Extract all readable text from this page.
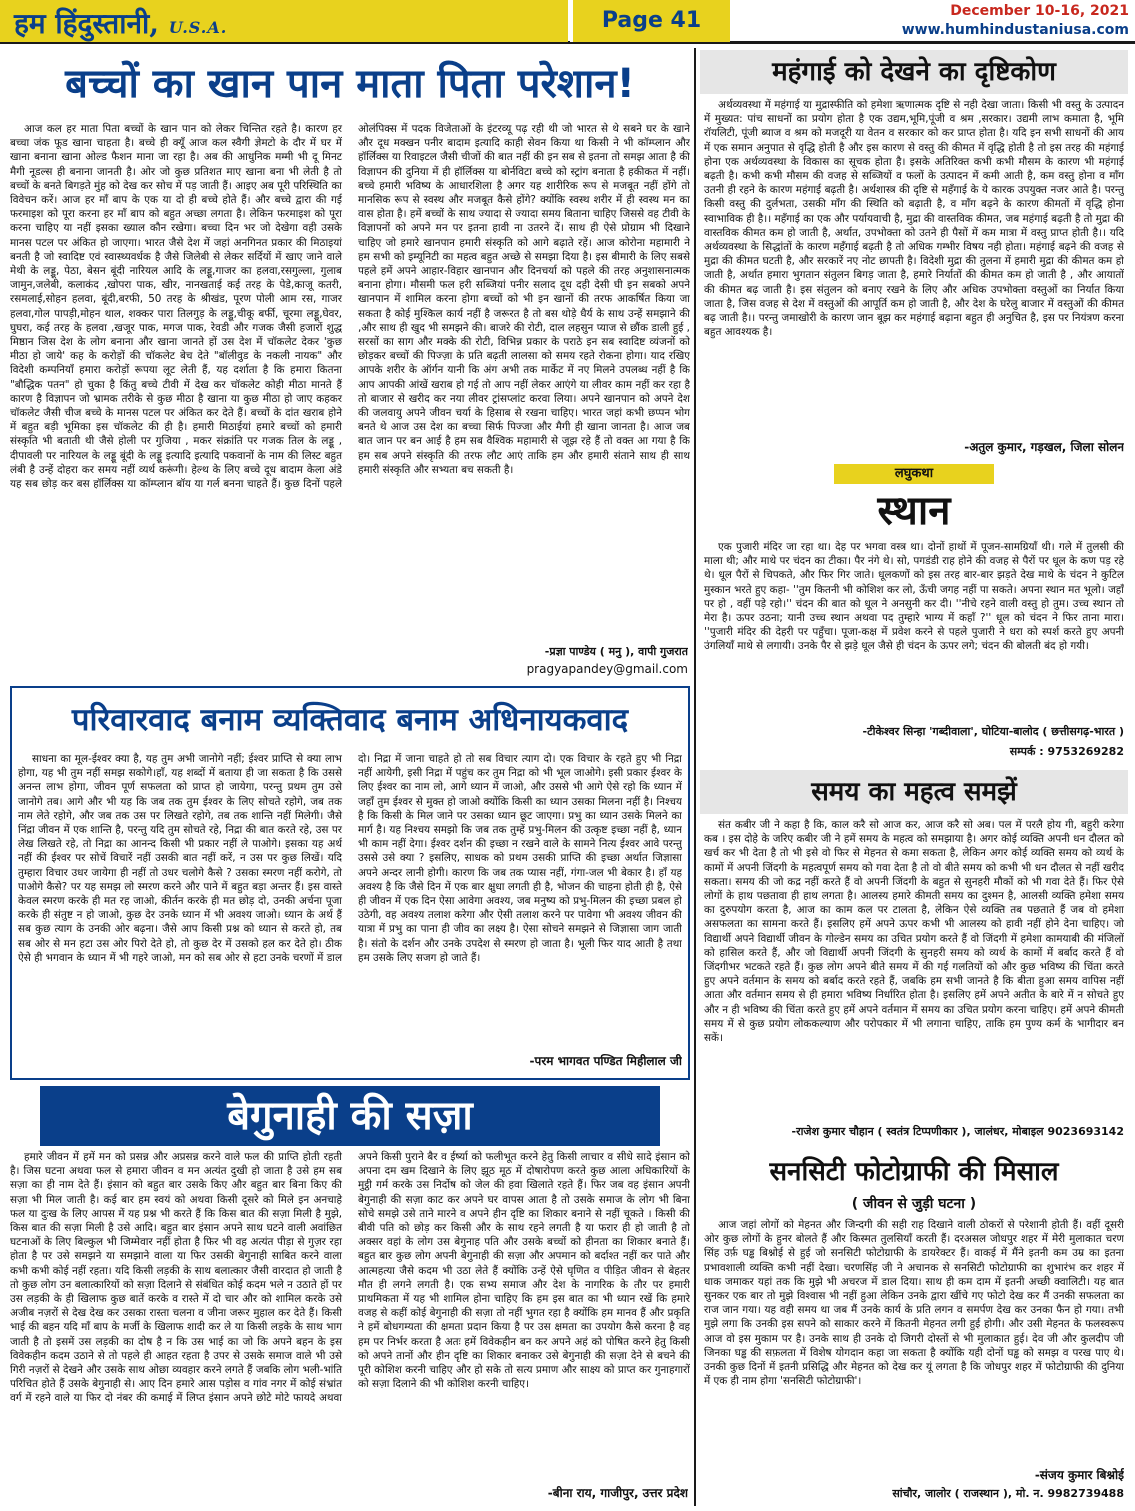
हम हिंदुस्तानी, U.S.A.	Page 41	December 10-16, 2021
www.humhindustaniusa.com
बच्चों का खान पान माता पिता परेशान!

आज कल हर माता पिता बच्चों के खान पान को लेकर चिन्तित रहते है। कारण हर बच्चा जंक फूड खाना चाहता है। बच्चे ही क्यूँ आज कल स्वैगी ज्ञेमटो के दौर में घर में खाना बनाना खाना ओल्ड फैशन माना जा रहा है। अब की आधुनिक मम्मी भी दू मिनट मैगी नूडल्स ही बनाना जानती है। ओर जो कुछ प्रतिशत माए खाना बना भी लेती है तो बच्चों के बनते बिगड़ते मुंह को देख कर सोच में पड़ जाती हैं। आइए अब पूरी परिस्थिति का विवेचन करें। आज हर माँ बाप के एक या दो ही बच्चे होते हैं। और बच्चे द्वारा की गई फरमाइश को पूरा करना हर माँ बाप को बहुत अच्छा लगता है। लेकिन फरमाइश को पूरा करना चाहिए या नहीं इसका ख्याल कौन रखेगा। बच्चा दिन भर जो देखेगा वही उसके मानस पटल पर अंकित हो जाएगा। भारत जैसे देश में जहां अनगिनत प्रकार की मिठाइयां बनती है जो स्वादिष्ट एवं स्वास्थ्यवर्धक है जैसे जिलेबी से लेकर सर्दियों में खाए जाने वाले मेथी के लड्डू, पेठा, बेसन बूंदी नारियल आदि के लड्डू,गाजर का हलवा,रसगुल्ला, गुलाब जामुन,जलेबी, कलाकंद ,खोपरा पाक, खीर, नानखताई कई तरह के पेडे,काजू कतरी, रसमलाई,सोहन हलवा, बूंदी,बरफी, 50 तरह के श्रीखंड, पूरण पोली आम रस, गाजर हलवा,गोल पापड़ी,मोहन थाल, शक्कर पारा तिलगुड़ के लड्डू,चीकू बर्फी, चूरमा लड्डू,घेवर, घुघरा, कई तरह के हलवा ,खजूर पाक, मगज पाक, रेवडी और गजक जैसी हजारों शुद्ध मिष्ठान जिस देश के लोग बनाना और खाना जानते हों उस देश में चॉकलेट देकर 'कुछ मीठा हो जाये' कह के करोड़ों की चॉकलेट बेच देते "बॉलीवुड के नकली नायक" और विदेशी कम्पनियाँ हमारा करोड़ों रूपया लूट लेती हैं, यह दर्शाता है कि हमारा कितना "बौद्धिक पतन" हो चुका है किंतु बच्चे टीवी में देख कर चॉकलेट कोही मीठा मानते हैं कारण है विज्ञापन जो भ्रामक तरीके से कुछ मीठा है खाना या कुछ मीठा हो जाए कहकर चॉकलेट जैसी चीज बच्चे के मानस पटल पर अंकित कर देते हैं। बच्चों के दांत खराब होने में बहुत बड़ी भूमिका इस चॉकलेट की ही है। हमारी मिठाईयां हमारे बच्चों को हमारी संस्कृति भी बताती थी जैसे होली पर गुजिया , मकर संक्रांति पर गजक तिल के लड्डू , दीपावली पर नारियल के लड्डू बूंदी के लड्डू इत्यादि इत्यादि पकवानों के नाम की लिस्ट बहुत लंबी है उन्हें दोहरा कर समय नहीं व्यर्थ करूंगी। हेल्थ के लिए बच्चे दूध बादाम केला अंडे यह सब छोड़ कर बस हॉर्लिक्स या कॉम्प्लान बॉय या गर्ल बनना चाहते हैं। कुछ दिनों पहले ओलंपिक्स में पदक विजेताओं के इंटरव्यू पढ़ रही थी जो भारत से थे सबने घर के खाने और दूध मक्खन पनीर बादाम इत्यादि काही सेवन किया था किसी ने भी कॉम्प्लान और हॉर्लिक्स या रिवाइटल जैसी चीजों की बात नहीं की इन सब से इतना तो समझ आता है की विज्ञापन की दुनिया में ही हॉर्लिक्स या बोर्नविटा बच्चे को स्ट्रांग बनाता है हकीकत में नहीं। बच्चे हमारी भविष्य के आधारशिला है अगर यह शारीरिक रूप से मजबूत नहीं होंगे तो मानसिक रूप से स्वस्थ और मजबूत कैसे होंगे? क्योंकि स्वस्थ शरीर में ही स्वस्थ मन का वास होता है। हमें बच्चों के साथ ज्यादा से ज्यादा समय बिताना चाहिए जिससे वह टीवी के विज्ञापनों को अपने मन पर इतना हावी ना उतरने दें। साथ ही ऐसे प्रोग्राम भी दिखाने चाहिए जो हमारे खानपान हमारी संस्कृति को आगे बढ़ाते रहें। आज कोरोना महामारी ने हम सभी को इम्यूनिटी का महत्व बहुत अच्छे से समझा दिया है। इस बीमारी के लिए सबसे पहले हमें अपने आहार-विहार खानपान और दिनचर्या को पहले की तरह अनुशासनात्मक बनाना होगा। मौसमी फल हरी सब्जियां पनीर सलाद दूध दही देसी घी इन सबको अपने खानपान में शामिल करना होगा बच्चों को भी इन खानों की तरफ आकर्षित किया जा सकता है कोई मुश्किल कार्य नहीं है जरूरत है तो बस थोड़े धैर्य के साथ उन्हें समझाने की ,और साथ ही खुद भी समझने की। बाजरे की रोटी, दाल लहसुन प्याज से छौंक डाली हुई , सरसों का साग और मक्के की रोटी, विभिन्न प्रकार के पराठे इन सब स्वादिष्ट व्यंजनों को छोड़कर बच्चों की पिज्ज़ा के प्रति बढ़ती लालसा को समय रहते रोकना होगा। याद रखिए आपके शरीर के ऑर्गन यानी कि अंग अभी तक मार्केट में नए मिलने उपलब्ध नहीं है कि आप आपकी आंखें खराब हो गई तो आप नहीं लेकर आएंगे या लीवर काम नहीं कर रहा है तो बाजार से खरीद कर नया लीवर ट्रांसप्लांट करवा लिया। अपने खानपान को अपने देश की जलवायु अपने जीवन चर्या के हिसाब से रखना चाहिए। भारत जहां कभी छप्पन भोग बनते थे आज उस देश का बच्चा सिर्फ पिज्जा और मैगी ही खाना जानता है। आज जब बात जान पर बन आई है हम सब वैश्विक महामारी से जूझ रहे हैं तो वक्त आ गया है कि हम सब अपने संस्कृति की तरफ लौट आएं ताकि हम और हमारी संताने साथ ही साथ हमारी संस्कृति और सभ्यता बच सकती है।

-प्रज्ञा पाण्डेय ( मनु ), वापी गुजरात
pragyapandey@gmail.com
महंगाई को देखने का दृष्टिकोण

अर्थव्यवस्था में महंगाई या मुद्रास्फीति को हमेशा ऋणात्मक दृष्टि से नही देखा जाता। किसी भी वस्तु के उत्पादन में मुख्यत: पांच साधनों का प्रयोग होता है एक उद्यम,भूमि,पूंजी व श्रम ,सरकार। उद्यमी लाभ कमाता है, भूमि रॉयलिटी, पूंजी ब्याज व श्रम को मजदूरी या वेतन व सरकार को कर प्राप्त होता है। यदि इन सभी साधनों की आय में एक समान अनुपात से वृद्धि होती है और इस कारण से वस्तु की कीमत में वृद्धि होती है तो इस तरह की महंगाई होना एक अर्थव्यवस्था के विकास का सूचक होता है। इसके अतिरिक्त कभी कभी मौसम के कारण भी महंगाई बढ़ती है। कभी कभी मौसम की वजह से सब्जियों व फलों के उत्पादन में कमी आती है, कम वस्तु होना व माँग उतनी ही रहने के कारण महंगाई बढ़ती है। अर्थशास्त्र की दृष्टि से महँगाई के ये कारक उपयुक्त नजर आते है। परन्तु किसी वस्तु की दुर्लभता, उसकी माँग की स्थिति को बढ़ाती है, व माँग बढ़ने के कारण कीमतों में वृद्धि होना स्वाभाविक ही है।। महँगाई का एक और पर्यायवाची है, मुद्रा की वास्तविक कीमत, जब महंगाई बढ़ती है तो मुद्रा की वास्तविक कीमत कम हो जाती है, अर्थात, उपभोक्ता को उतने ही पैसों में कम मात्रा में वस्तु प्राप्त होती है।। यदि अर्थव्यवस्था के सिद्धांतों के कारण महँगाई बढ़ती है तो अधिक गम्भीर विषय नही होता। महंगाई बढ़ने की वजह से मुद्रा की कीमत घटती है, और सरकारें नए नोट छापती है। विदेशी मुद्रा की तुलना में हमारी मुद्रा की कीमत कम हो जाती है, अर्थात हमारा भुगतान संतुलन बिगड़ जाता है, हमारे निर्यातों की कीमत कम हो जाती है , और आयातों की कीमत बढ़ जाती है। इस संतुलन को बनाए रखने के लिए और अधिक उपभोक्ता वस्तुओं का निर्यात किया जाता है, जिस वजह से देश में वस्तुओं की आपूर्ति कम हो जाती है, और देश के घरेलु बाजार में वस्तुओं की कीमत बढ़ जाती है।। परन्तु जमाखोरी के कारण जान बूझ कर महंगाई बढ़ाना बहुत ही अनुचित है, इस पर नियंत्रण करना बहुत आवश्यक है।

-अतुल कुमार, गड़खल, जिला सोलन
लघुकथा
स्थान

एक पुजारी मंदिर जा रहा था। देह पर भगवा वस्त्र था। दोनों हाथों में पूजन-सामग्रियाँ थी। गले में तुलसी की माला थी; और माथे पर चंदन का टीका। पैर नंगे थे। सो, पगडंडी राह होने की वजह से पैरों पर धूल के कण पड़ रहे थे। धूल पैरों से चिपकते, और फिर गिर जाते। धूलकणों को इस तरह बार-बार झड़ते देख माथे के चंदन ने कुटिल मुस्कान भरते हुए कहा- ''तुम कितनी भी कोशिश कर लो, ऊँची जगह नहीं पा सकते। अपना स्थान मत भूलो। जहाँ पर हो , वहीं पड़े रहो।'' चंदन की बात को धूल ने अनसुनी कर दी। ''नीचे रहने वाली वस्तु हो तुम। उच्च स्थान तो मेरा है। ऊपर उठना; यानी उच्च स्थान अथवा पद तुम्हारे भाग्य में कहाँ ?'' धूल को चंदन ने फिर ताना मारा। ''पुजारी मंदिर की देहरी पर पहुँचा। पूजा-कक्ष में प्रवेश करने से पहले पुजारी ने धरा को स्पर्श करते हुए अपनी उंगलियाँ माथे से लगायी। उनके पैर से झड़े धूल जैसे ही चंदन के ऊपर लगे; चंदन की बोलती बंद हो गयी।

-टीकेश्वर सिन्हा 'गब्दीवाला', घोटिया-बालोद ( छत्तीसगढ़-भारत )
सम्पर्क : 9753269282
परिवारवाद बनाम व्यक्तिवाद बनाम अधिनायकवाद

साधना का मूल-ईश्वर क्या है, यह तुम अभी जानोगे नहीं; ईश्वर प्राप्ति से क्या लाभ होगा, यह भी तुम नहीं समझ सकोगे।हाँ, यह शब्दों में बताया ही जा सकता है कि उससे अनन्त लाभ होगा, जीवन पूर्ण सफलता को प्राप्त हो जायेगा, परन्तु प्रथम तुम उसे जानोगे तब। आगे और भी यह कि जब तक तुम ईश्वर के लिए सोचते रहोगे, जब तक नाम लेते रहोगे, और जब तक उस पर लिखते रहोगे, तब तक शान्ति नहीं मिलेगी। जैसे निंद्रा जीवन में एक शान्ति है, परन्तु यदि तुम सोचते रहे, निद्रा की बात करते रहे, उस पर लेख लिखते रहे, तो निद्रा का आनन्द किसी भी प्रकार नहीं ले पाओगे। इसका यह अर्थ नहीं की ईश्वर पर सोचें विचारें नहीं उसकी बात नहीं करें, न उस पर कुछ लिखें। यदि तुम्हारा विचार उधर जायेगा ही नहीं तो उधर चलोगे कैसे ? उसका स्मरण नहीं करोगे, तो पाओगे कैसे? पर यह समझ लो स्मरण करने और पाने में बहुत बड़ा अन्तर हैं। इस वास्ते केवल स्मरण करके ही मत रह जाओ, कीर्तन करके ही मत छोड़ दो, उनकी अर्चना पूजा करके ही संतुष्ट न हो जाओ, कुछ देर उनके ध्यान में भी अवश्य जाओ। ध्यान के अर्थ हैं सब कुछ त्याग के उनकी ओर बढ़ना। जैसे आप किसी प्रश्न को ध्यान से करते हो, तब सब ओर से मन हटा उस ओर पिरो देते हो, तो कुछ देर में उसको हल कर देते हो। ठीक ऐसे ही भगवान के ध्यान में भी गहरे जाओ, मन को सब ओर से हटा उनके चरणों में डाल दो। निद्रा में जाना चाहते हो तो सब विचार त्याग दो। एक विचार के रहते हुए भी निद्रा नहीं आयेगी, इसी निद्रा में पहुंच कर तुम निद्रा को भी भूल जाओगे। इसी प्रकार ईश्वर के लिए ईश्वर का नाम लो, आगे ध्यान में जाओ, और उससे भी आगे ऐसे रहो कि ध्यान में जहाँ तुम ईश्वर से मुक्त हो जाओ क्योंकि किसी का ध्यान उसका मिलना नहीं है। निश्चय है कि किसी के मिल जाने पर उसका ध्यान छूट जाएगा। प्रभु का ध्यान उसके मिलने का मार्ग है। यह निश्चय समझो कि जब तक तुम्हें प्रभु-मिलन की उत्कृष्ट इच्छा नहीं है, ध्यान भी काम नहीं देगा। ईश्वर दर्शन की इच्छा न रखने वाले के सामने नित्य ईश्वर आवे परन्तु उससे उसे क्या ? इसलिए, साधक को प्रथम उसकी प्राप्ति की इच्छा अर्थात जिज्ञासा अपने अन्दर लानी होगी। कारण कि जब तक प्यास नहीं, गंगा-जल भी बेकार है। हाँ यह अवश्य है कि जैसे दिन में एक बार क्षुधा लगती ही है, भोजन की चाहना होती ही है, ऐसे ही जीवन में एक दिन ऐसा आवेगा अवश्य, जब मनुष्य को प्रभु-मिलन की इच्छा प्रबल हो उठेगी, वह अवश्य तलाश करेगा और ऐसी तलाश करने पर पावेगा भी अवश्य जीवन की यात्रा में प्रभु का पाना ही जीव का लक्ष्य है। ऐसा सोचने समझने से जिज्ञासा जाग जाती है। संतो के दर्शन और उनके उपदेश से स्मरण हो जाता है। भूली फिर याद आती है तथा हम उसके लिए सजग हो जाते हैं।

-परम भागवत पण्डित मिहीलाल जी
समय का महत्व समझें

संत कबीर जी ने कहा है कि, काल करै सो आज कर, आज करै सो अब। पल में परलै होय गी, बहुरी करेगा कब । इस दोहे के जरिए कबीर जी ने हमें समय के महत्व को समझाया है। अगर कोई व्यक्ति अपनी धन दौलत को खर्च कर भी देता है तो भी इसे वो फिर से मेहनत से कमा सकता है, लेकिन अगर कोई व्यक्ति समय को व्यर्थ के कामों में अपनी जिंदगी के महत्वपूर्ण समय को गवा देता है तो वो बीते समय को कभी भी धन दौलत से नहीं खरीद सकता। समय की जो कद्र नहीं करते हैं वो अपनी जिंदगी के बहुत से सुनहरी मौकों को भी गवा देते हैं। फिर ऐसे लोगों के हाथ पछतावा ही हाथ लगता है। आलस्य हमारे कीमती समय का दुश्मन है, आलसी व्यक्ति हमेशा समय का दुरुपयोग करता है, आज का काम कल पर टालता है, लेकिन ऐसे व्यक्ति तब पछताते हैं जब वो हमेशा असफलता का सामना करते हैं। इसलिए हमें अपने ऊपर कभी भी आलस्य को हावी नहीं होने देना चाहिए। जो विद्यार्थी अपने विद्यार्थी जीवन के गोल्डेन समय का उचित प्रयोग करते हैं वो जिंदगी में हमेशा कामयाबी की मंजिलों को हासिल करते हैं, और जो विद्यार्थी अपनी जिंदगी के सुनहरी समय को व्यर्थ के कामों में बर्बाद करते हैं वो जिंदगीभर भटकते रहते हैं। कुछ लोग अपने बीते समय में की गई गलतियों को और कुछ भविष्य की चिंता करते हुए अपने वर्तमान के समय को बर्बाद करते रहते हैं, जबकि हम सभी जानते है कि बीता हुआ समय वापिस नहीं आता और वर्तमान समय से ही हमारा भविष्य निर्धारित होता है। इसलिए हमें अपने अतीत के बारे में न सोचते हुए और न ही भविष्य की चिंता करते हुए हमें अपने वर्तमान में समय का उचित प्रयोग करना चाहिए। हमें अपने कीमती समय में से कुछ प्रयोग लोककल्याण और परोपकार में भी लगाना चाहिए, ताकि हम पुण्य कर्म के भागीदार बन सकें।

-राजेश कुमार चौहान ( स्वतंत्र टिप्पणीकार ), जालंधर, मोबाइल 9023693142
बेगुनाही की सज़ा

हमारे जीवन में हमें मन को प्रसन्न और अप्रसन्न करने वाले फल की प्राप्ति होती रहती है। जिस घटना अथवा फल से हमारा जीवन व मन अत्यंत दुखी हो जाता है उसे हम सब सज़ा का ही नाम देते हैं। इंसान को बहुत बार उसके किए और बहुत बार बिना किए की सज़ा भी मिल जाती है। कई बार हम स्वयं को अथवा किसी दूसरे को मिले इन अनचाहे फल या दुःख के लिए आपस में यह प्रश्न भी करते हैं कि किस बात की सज़ा मिली है मुझे, किस बात की सज़ा मिली है उसे आदि। बहुत बार इंसान अपने साथ घटने वाली अवांछित घटनाओं के लिए बिल्कुल भी जिम्मेवार नहीं होता है फिर भी वह अत्यंत पीड़ा से गुज़र रहा होता है पर उसे समझने या समझाने वाला या फिर उसकी बेगुनाही साबित करने वाला कभी कभी कोई नहीं रहता। यदि किसी लड़की के साथ बलात्कार जैसी वारदात हो जाती है तो कुछ लोग उन बलात्कारियों को सज़ा दिलाने से संबंधित कोई कदम भले न उठाते हों पर उस लड़की के ही खिलाफ कुछ बातें करके व रास्ते में दो चार और को शामिल करके उसे अजीब नज़रों से देख देख कर उसका रास्ता चलना व जीना जरूर मुहाल कर देते हैं। किसी भाई की बहन यदि माँ बाप के मर्जी के खिलाफ शादी कर ले या किसी लड़के के साथ भाग जाती है तो इसमें उस लड़की का दोष है न कि उस भाई का जो कि अपने बहन के इस विवेकहीन कदम उठाने से तो पहले ही आहत रहता है उपर से उसके समाज वाले भी उसे गिरी नज़रों से देखने और उसके साथ ओछा व्यवहार करने लगते हैं जबकि लोग भली-भांति परिचित होते हैं उसके बेगुनाही से। आए दिन हमारे आस पड़ोस व गांव नगर में कोई संभ्रांत वर्ग में रहने वाले या फिर दो नंबर की कमाई में लिप्त इंसान अपने छोटे मोटे फायदे अथवा अपने किसी पुराने बैर व ईर्ष्या को फलीभूत करने हेतु किसी लाचार व सीधे सादे इंसान को अपना दम खम दिखाने के लिए झूठ मूठ में दोषारोपण करते कुछ आला अधिकारियों के मुट्ठी गर्म करके उस निर्दोष को जेल की हवा खिलाते रहते हैं। फिर जब वह इंसान अपनी बेगुनाही की सज़ा काट कर अपने घर वापस आता है तो उसके समाज के लोग भी बिना सोचे समझे उसे ताने मारने व अपने हीन दृष्टि का शिकार बनाने से नहीं चूकते । किसी की बीवी पति को छोड़ कर किसी और के साथ रहने लगती है या फरार ही हो जाती है तो अक्सर वहां के लोग उस बेगुनाह पति और उसके बच्चों को हीनता का शिकार बनाते हैं। बहुत बार कुछ लोग अपनी बेगुनाही की सज़ा और अपमान को बर्दाश्त नहीं कर पाते और आत्महत्या जैसे कदम भी उठा लेते हैं क्योंकि उन्हें ऐसे घृणित व पीड़ित जीवन से बेहतर मौत ही लगने लगती है। एक सभ्य समाज और देश के नागरिक के तौर पर हमारी प्राथमिकता में यह भी शामिल होना चाहिए कि हम इस बात का भी ध्यान रखें कि हमारे वजह से कहीं कोई बेगुनाही की सज़ा तो नहीं भुगत रहा है क्योंकि हम मानव हैं और प्रकृति ने हमें बोधगम्यता की क्षमता प्रदान किया है पर उस क्षमता का उपयोग कैसे करना है वह हम पर निर्भर करता है अतः हमें विवेकहीन बन कर अपने अहं को पोषित करने हेतु किसी को अपने तानों और हीन दृष्टि का शिकार बनाकर उसे बेगुनाही की सज़ा देने से बचने की पूरी कोशिश करनी चाहिए और हो सके तो सत्य प्रमाण और साक्ष्य को प्राप्त कर गुनाहगारों को सज़ा दिलाने की भी कोशिश करनी चाहिए।

-बीना राय, गाजीपुर, उत्तर प्रदेश
सनसिटी फोटोग्राफी की मिसाल
( जीवन से जुड़ी घटना )

आज जहां लोगों को मेहनत और जिन्दगी की सही राह दिखाने वाली ठोकरों से परेशानी होती हैं। वहीं दूसरी ओर कुछ लोगों के हुनर बोलते हैं और किस्मत तुलसियाँ करती हैं। दरअसल जोधपुर शहर में मेरी मुलाकात चरण सिंह उर्फ़ घड्ढ बिश्नोई से हुई जो सनसिटी फोटोग्राफी के डायरेक्टर हैं। वाकई में मैंने इतनी कम उम्र का इतना प्रभावशाली व्यक्ति कभी नहीं देखा। चरणसिंह जी ने अचानक से सनसिटी फोटोग्राफी का शुभारंभ कर शहर में धाक जमाकर यहां तक कि मुझे भी अचरज में डाल दिया। साथ ही कम दाम में इतनी अच्छी क्वालिटी। यह बात सुनकर एक बार तो मुझे विश्वास भी नहीं हुआ लेकिन उनके द्वारा खींचे गए फोटो देख कर मैं उनकी सफलता का राज जान गया। यह वही समय था जब मैं उनके कार्य के प्रति लगन व समर्पण देख कर उनका फैन हो गया। तभी मुझे लगा कि उनकी इस सपने को साकार करने में कितनी मेहनत लगी हुई होगी। और उसी मेहनत के फलस्वरूप आज वो इस मुकाम पर है। उनके साथ ही उनके दो जिगरी दोस्तों से भी मुलाकात हुई। देव जी और कुलदीप जी जिनका घड्ढ की सफ़लता में विशेष योगदान कहा जा सकता है क्योंकि यही दोनों घड्ढ को समझ व परख पाए थे। उनकी कुछ दिनों में इतनी प्रसिद्धि और मेहनत को देख कर यूं लगता है कि जोधपुर शहर में फोटोग्राफी की दुनिया में एक ही नाम होगा 'सनसिटी फोटोग्राफी'।

-संजय कुमार बिश्नोई
सांचौर, जालोर ( राजस्थान ), मो. न. 9982739488
